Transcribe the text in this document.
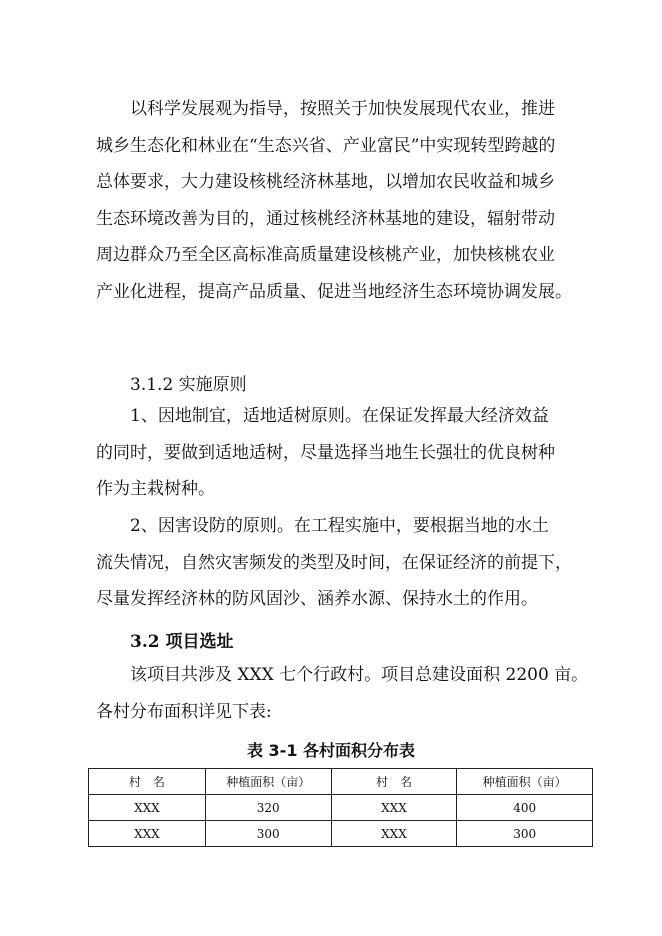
以科学发展观为指导，按照关于加快发展现代农业，推进
城乡生态化和林业在“生态兴省、产业富民”中实现转型跨越的
总体要求，大力建设核桃经济林基地，以增加农民收益和城乡
生态环境改善为目的，通过核桃经济林基地的建设，辐射带动
周边群众乃至全区高标准高质量建设核桃产业，加快核桃农业
产业化进程，提高产品质量、促进当地经济生态环境协调发展。

3.1.2 实施原则

1、因地制宜，适地适树原则。在保证发挥最大经济效益
的同时，要做到适地适树，尽量选择当地生长强壮的优良树种
作为主栽树种。

2、因害设防的原则。在工程实施中，要根据当地的水土
流失情况，自然灾害频发的类型及时间，在保证经济的前提下，
尽量发挥经济林的防风固沙、涵养水源、保持水土的作用。

3.2 项目选址

该项目共涉及 XXX 七个行政村。项目总建设面积 2200 亩。
各村分布面积详见下表:

表 3-1 各村面积分布表

村　名	种植面积（亩）	村　名	种植面积（亩）
XXX	320	XXX	400
XXX	300	XXX	300
